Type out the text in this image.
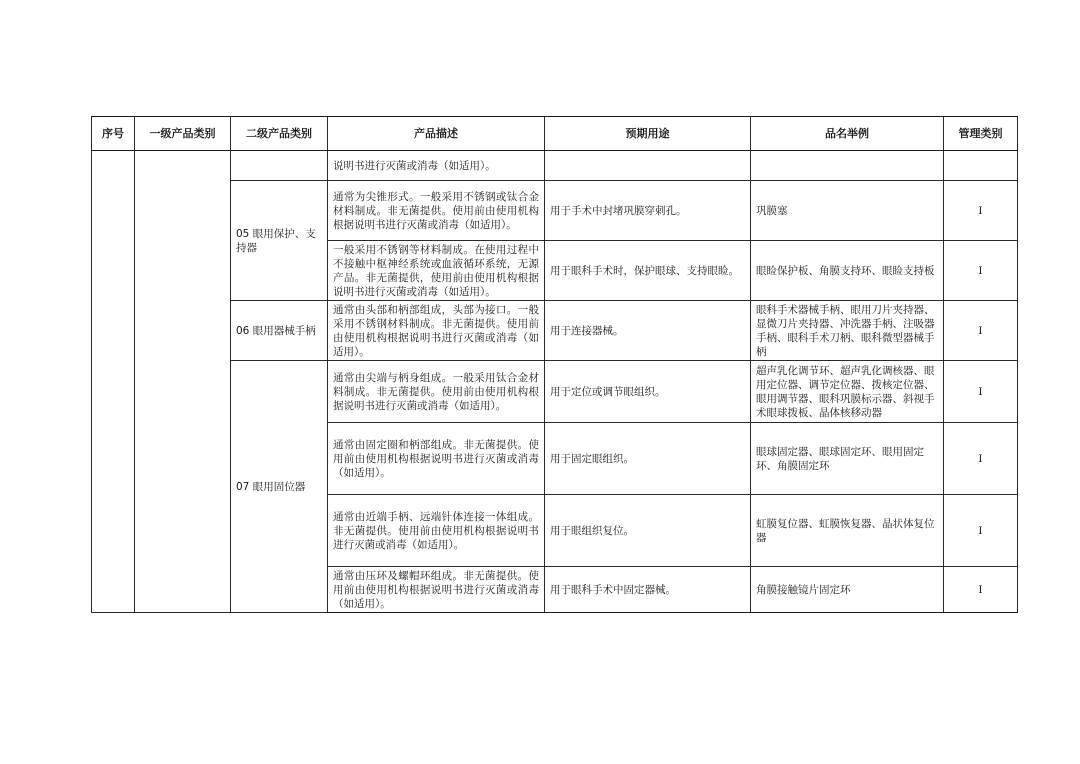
序号	一级产品类别	二级产品类别	产品描述	预期用途	品名举例	管理类别
			说明书进行灭菌或消毒（如适用）。			
		05 眼用保护、支持器	通常为尖锥形式。一般采用不锈钢或钛合金材料制成。非无菌提供。使用前由使用机构根据说明书进行灭菌或消毒（如适用）。	用于手术中封堵巩膜穿刺孔。	巩膜塞	I
			一般采用不锈钢等材料制成。在使用过程中不接触中枢神经系统或血液循环系统，无源产品。非无菌提供，使用前由使用机构根据说明书进行灭菌或消毒（如适用）。	用于眼科手术时，保护眼球、支持眼睑。	眼睑保护板、角膜支持环、眼睑支持板	I
		06 眼用器械手柄	通常由头部和柄部组成，头部为接口。一般采用不锈钢材料制成。非无菌提供。使用前由使用机构根据说明书进行灭菌或消毒（如适用）。	用于连接器械。	眼科手术器械手柄、眼用刀片夹持器、显微刀片夹持器、冲洗器手柄、注吸器手柄、眼科手术刀柄、眼科微型器械手柄	I
		07 眼用固位器	通常由尖端与柄身组成。一般采用钛合金材料制成。非无菌提供。使用前由使用机构根据说明书进行灭菌或消毒（如适用）。	用于定位或调节眼组织。	超声乳化调节环、超声乳化调核器、眼用定位器、调节定位器、拨核定位器、眼用调节器、眼科巩膜标示器、斜视手术眼球拨板、晶体核移动器	I
			通常由固定圈和柄部组成。非无菌提供。使用前由使用机构根据说明书进行灭菌或消毒（如适用）。	用于固定眼组织。	眼球固定器、眼球固定环、眼用固定环、角膜固定环	I
			通常由近端手柄、远端针体连接一体组成。非无菌提供。使用前由使用机构根据说明书进行灭菌或消毒（如适用）。	用于眼组织复位。	虹膜复位器、虹膜恢复器、晶状体复位器	I
			通常由压环及螺帽环组成。非无菌提供。使用前由使用机构根据说明书进行灭菌或消毒（如适用）。	用于眼科手术中固定器械。	角膜接触镜片固定环	I
